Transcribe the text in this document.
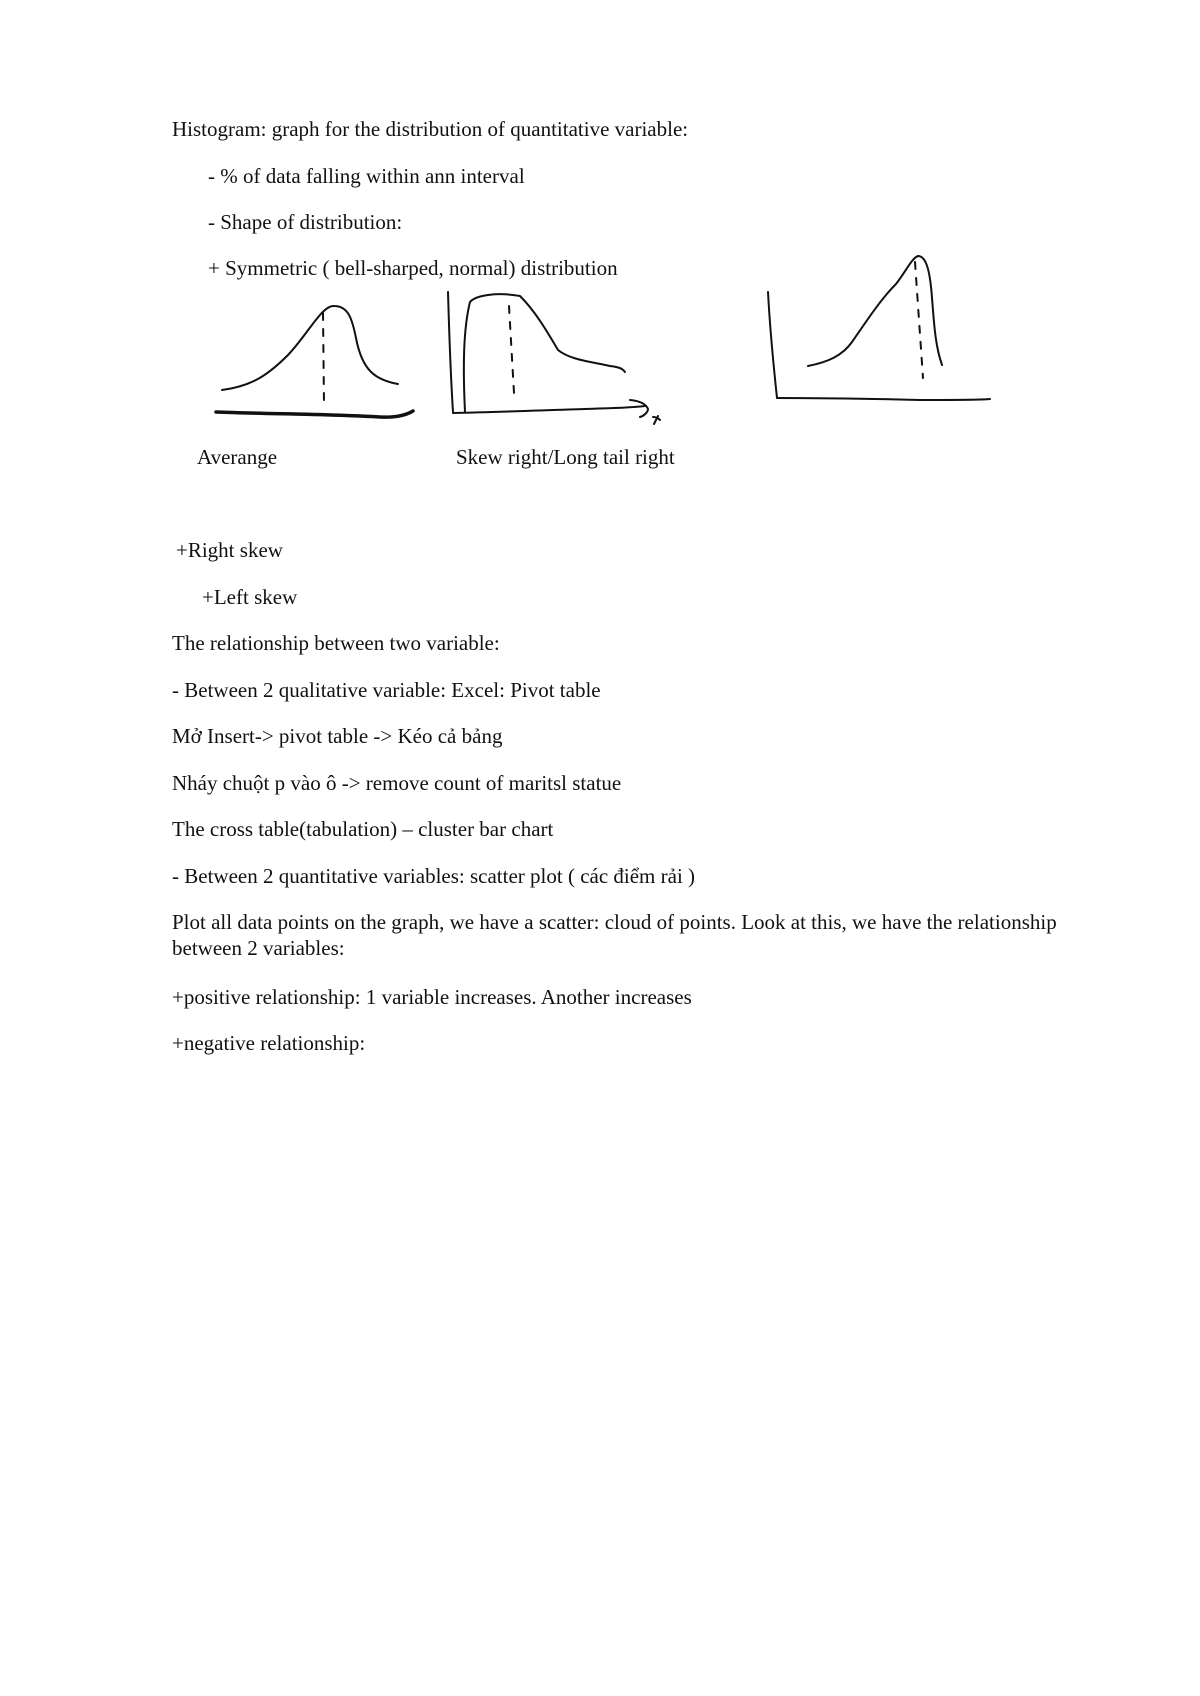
Histogram: graph for the distribution of quantitative variable:
- % of data falling within ann interval
- Shape of distribution:
+ Symmetric ( bell-sharped, normal) distribution
Averange	Skew right/Long tail right
+Right skew
+Left skew
The relationship between two variable:
- Between 2 qualitative variable: Excel: Pivot table
Mở Insert-> pivot table -> Kéo cả bảng
Nháy chuột p vào ô -> remove count of maritsl statue
The cross table(tabulation) – cluster bar chart
- Between 2 quantitative variables: scatter plot ( các điểm rải )
Plot all data points on the graph, we have a scatter: cloud of points. Look at this, we have the relationship between 2 variables:
+positive relationship: 1 variable increases. Another increases
+negative relationship:
